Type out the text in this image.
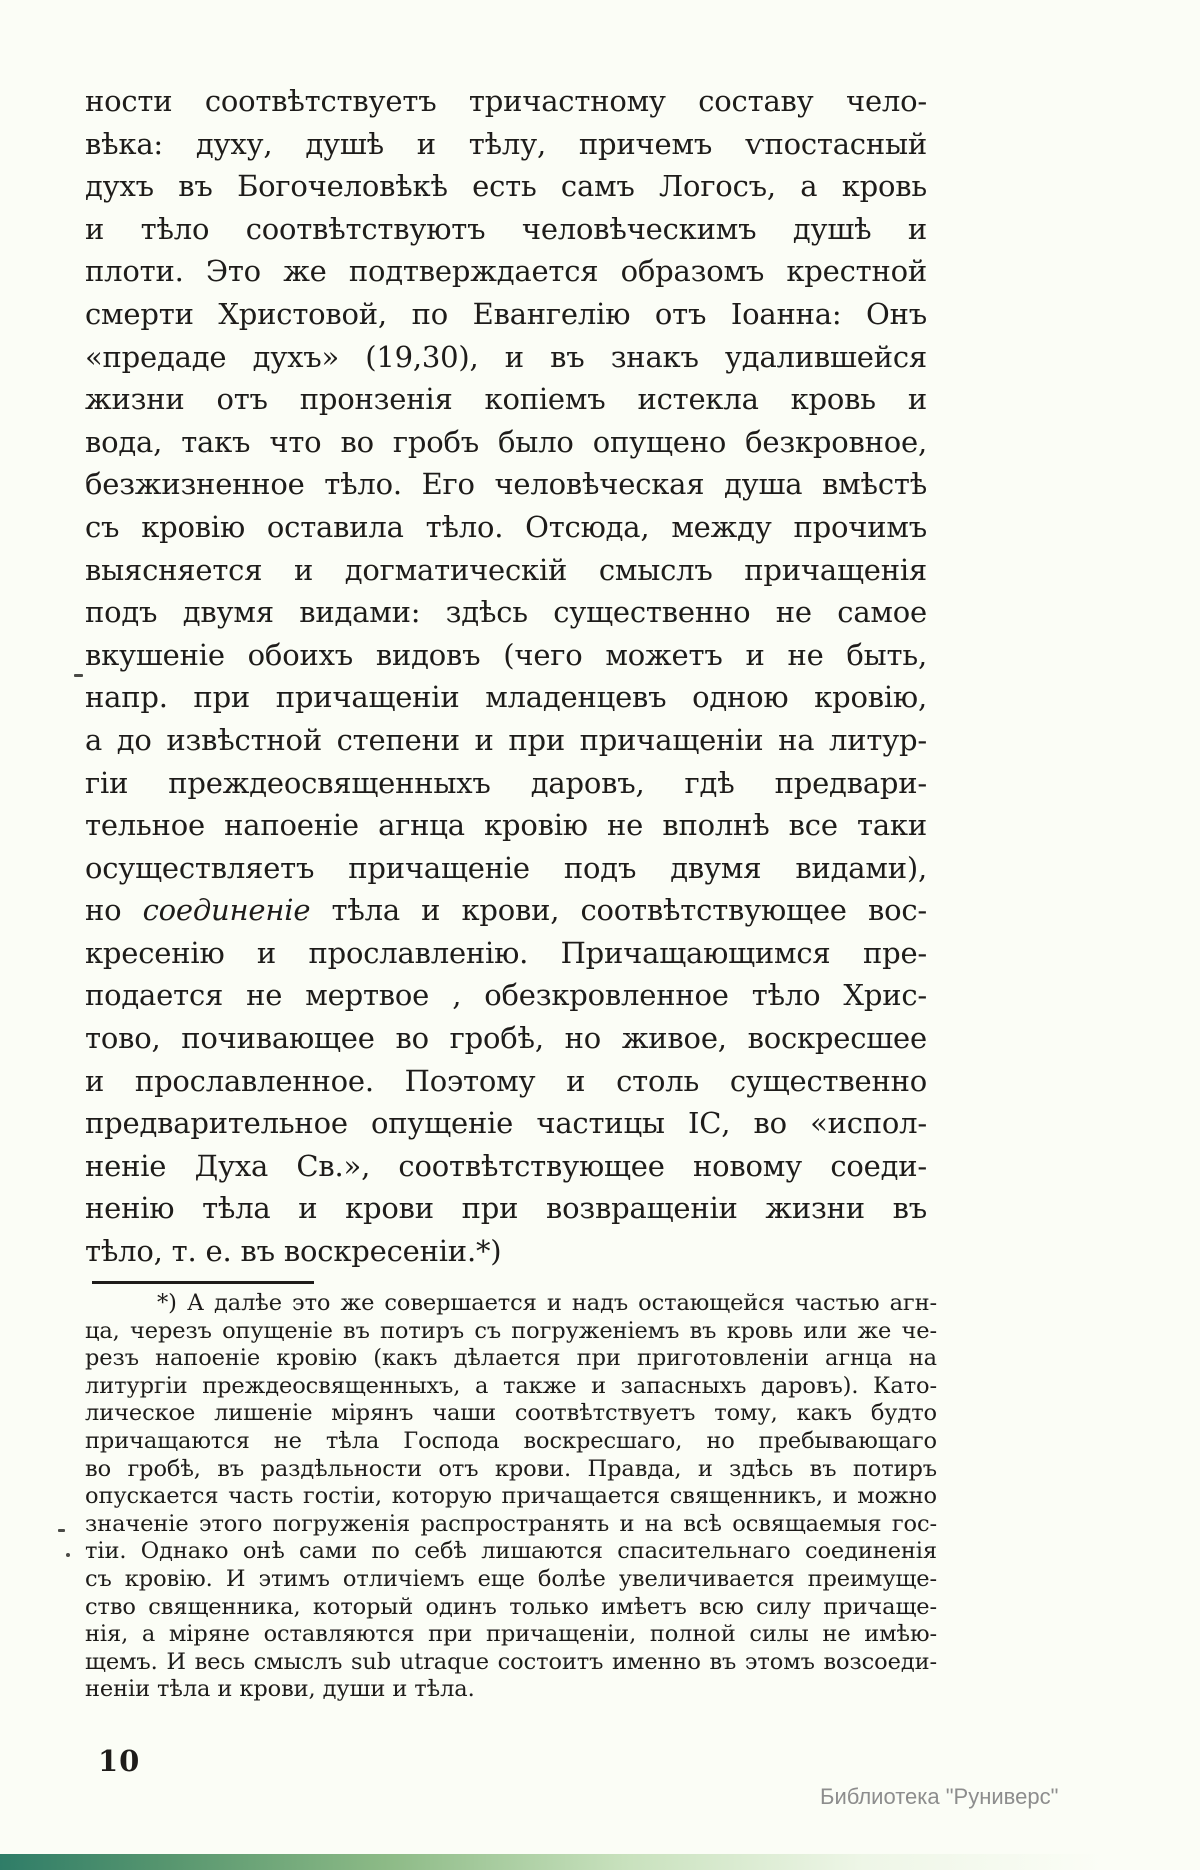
ности соотвѣтствуетъ тричастному составу чело-
вѣка: духу, душѣ и тѣлу, причемъ ѵпостасный
духъ въ Богочеловѣкѣ есть самъ Логосъ, а кровь
и тѣло соотвѣтствуютъ человѣческимъ душѣ и
плоти. Это же подтверждается образомъ крестной
смерти Христовой, по Евангелію отъ Іоанна: Онъ
«предаде духъ» (19,30), и въ знакъ удалившейся
жизни отъ пронзенія копіемъ истекла кровь и
вода, такъ что во гробъ было опущено безкровное,
безжизненное тѣло. Его человѣческая душа вмѣстѣ
съ кровію оставила тѣло. Отсюда, между прочимъ
выясняется и догматическій смыслъ причащенія
подъ двумя видами: здѣсь существенно не самое
вкушеніе обоихъ видовъ (чего можетъ и не быть,
напр. при причащеніи младенцевъ одною кровію,
а до извѣстной степени и при причащеніи на литур-
гіи преждеосвященныхъ даровъ, гдѣ предвари-
тельное напоеніе агнца кровію не вполнѣ все таки
осуществляетъ причащеніе подъ двумя видами),
но соединеніе тѣла и крови, соотвѣтствующее вос-
кресенію и прославленію. Причащающимся пре-
подается не мертвое , обезкровленное тѣло Хрис-
тово, почивающее во гробѣ, но живое, воскресшее
и прославленное. Поэтому и столь существенно
предварительное опущеніе частицы ІС, во «испол-
неніе Духа Св.», соотвѣтствующее новому соеди-
ненію тѣла и крови при возвращеніи жизни въ
тѣло, т. е. въ воскресеніи.*)
*) А далѣе это же совершается и надъ остающейся частью агн-
ца, черезъ опущеніе въ потиръ съ погруженіемъ въ кровь или же че-
резъ напоеніе кровію (какъ дѣлается при приготовленіи агнца на
литургіи преждеосвященныхъ, а также и запасныхъ даровъ). Като-
лическое лишеніе мірянъ чаши соотвѣтствуетъ тому, какъ будто
причащаются не тѣла Господа воскресшаго, но пребывающаго
во гробѣ, въ раздѣльности отъ крови. Правда, и здѣсь въ потиръ
опускается часть гостіи, которую причащается священникъ, и можно
значеніе этого погруженія распространять и на всѣ освящаемыя гос-
тіи. Однако онѣ сами по себѣ лишаются спасительнаго соединенія
съ кровію. И этимъ отличіемъ еще болѣе увеличивается преимуще-
ство священника, который одинъ только имѣетъ всю силу причаще-
нія, а міряне оставляются при причащеніи, полной силы не имѣю-
щемъ. И весь смыслъ sub utraque состоитъ именно въ этомъ возсоеди-
неніи тѣла и крови, души и тѣла.
10
Библиотека "Руниверс"
